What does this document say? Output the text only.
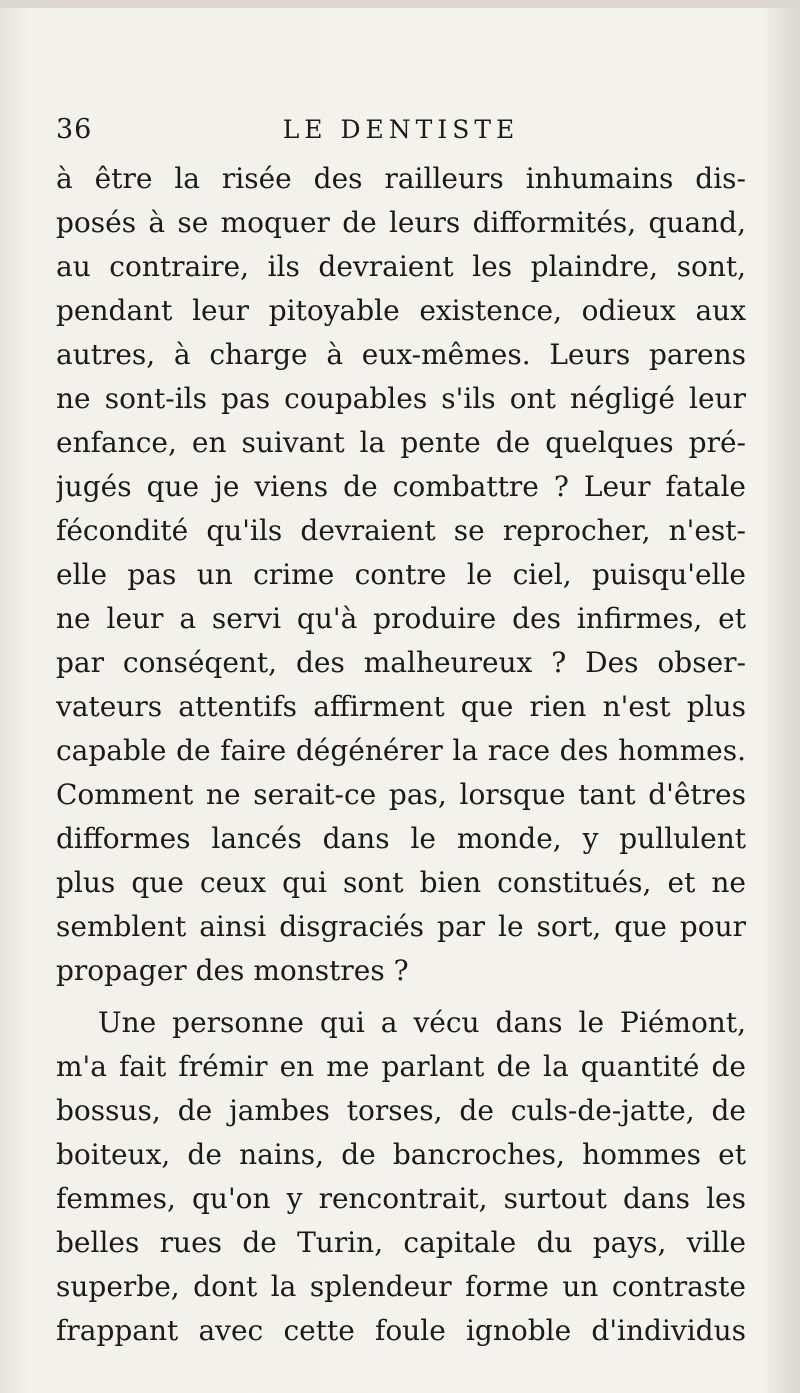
36	LE DENTISTE
à être la risée des railleurs inhumains dis-
posés à se moquer de leurs difformités, quand,
au contraire, ils devraient les plaindre, sont,
pendant leur pitoyable existence, odieux aux
autres, à charge à eux-mêmes. Leurs parens
ne sont-ils pas coupables s'ils ont négligé leur
enfance, en suivant la pente de quelques pré-
jugés que je viens de combattre ? Leur fatale
fécondité qu'ils devraient se reprocher, n'est-
elle pas un crime contre le ciel, puisqu'elle
ne leur a servi qu'à produire des infirmes, et
par conséqent, des malheureux ? Des obser-
vateurs attentifs affirment que rien n'est plus
capable de faire dégénérer la race des hommes.
Comment ne serait-ce pas, lorsque tant d'êtres
difformes lancés dans le monde, y pullulent
plus que ceux qui sont bien constitués, et ne
semblent ainsi disgraciés par le sort, que pour
propager des monstres ?
Une personne qui a vécu dans le Piémont,
m'a fait frémir en me parlant de la quantité de
bossus, de jambes torses, de culs-de-jatte, de
boiteux, de nains, de bancroches, hommes et
femmes, qu'on y rencontrait, surtout dans les
belles rues de Turin, capitale du pays, ville
superbe, dont la splendeur forme un contraste
frappant avec cette foule ignoble d'individus
